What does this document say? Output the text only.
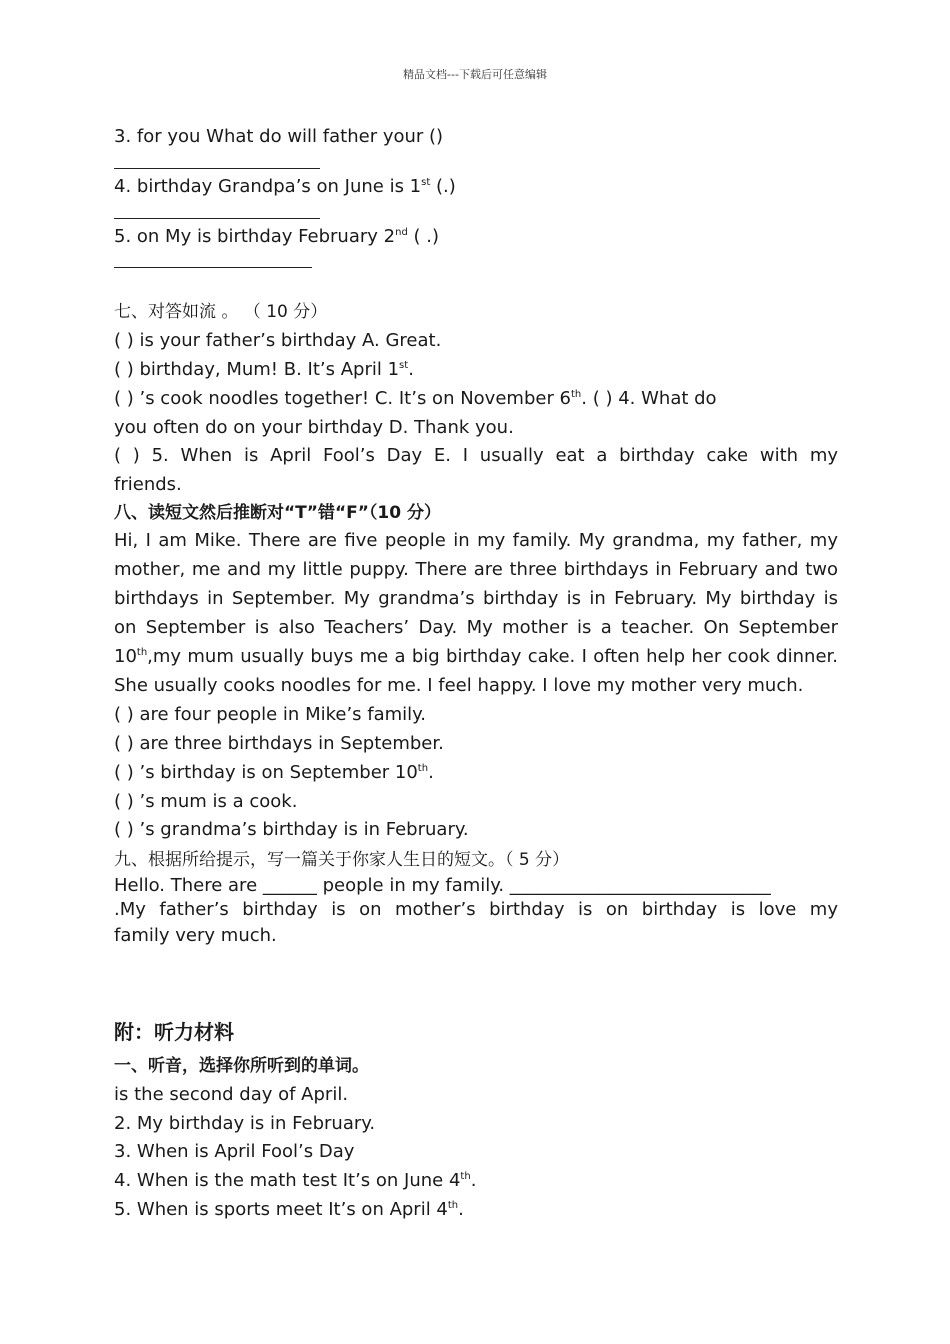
精品文档---下载后可任意编辑
3. for you What do will father your ()
4. birthday Grandpa’s on June is 1st (.)
5. on My is birthday February 2nd ( .)
七、对答如流 。 （ 10 分）
( ) is your father’s birthday A. Great.
( ) birthday, Mum! B. It’s April 1st.
( ) ’s cook noodles together! C. It’s on November 6th. ( ) 4. What do
you often do on your birthday D. Thank you.
( ) 5. When is April Fool’s Day E. I usually eat a birthday cake with my
friends.
八、读短文然后推断对“T”错“F”（10 分）
Hi, I am Mike. There are five people in my family. My grandma, my father, my
mother, me and my little puppy. There are three birthdays in February and two
birthdays in September. My grandma’s birthday is in February. My birthday is
on September is also Teachers’ Day. My mother is a teacher. On September
10th,my mum usually buys me a big birthday cake. I often help her cook dinner.
She usually cooks noodles for me. I feel happy. I love my mother very much.
( ) are four people in Mike’s family.
( ) are three birthdays in September.
( ) ’s birthday is on September 10th.
( ) ’s mum is a cook.
( ) ’s grandma’s birthday is in February.
九、根据所给提示，写一篇关于你家人生日的短文。（ 5 分）
Hello. There are ______ people in my family. _____________________________
.My father’s birthday is on mother’s birthday is on birthday is love my
family very much.
附：听力材料
一、听音，选择你所听到的单词。
is the second day of April.
2. My birthday is in February.
3. When is April Fool’s Day
4. When is the math test It’s on June 4th.
5. When is sports meet It’s on April 4th.
